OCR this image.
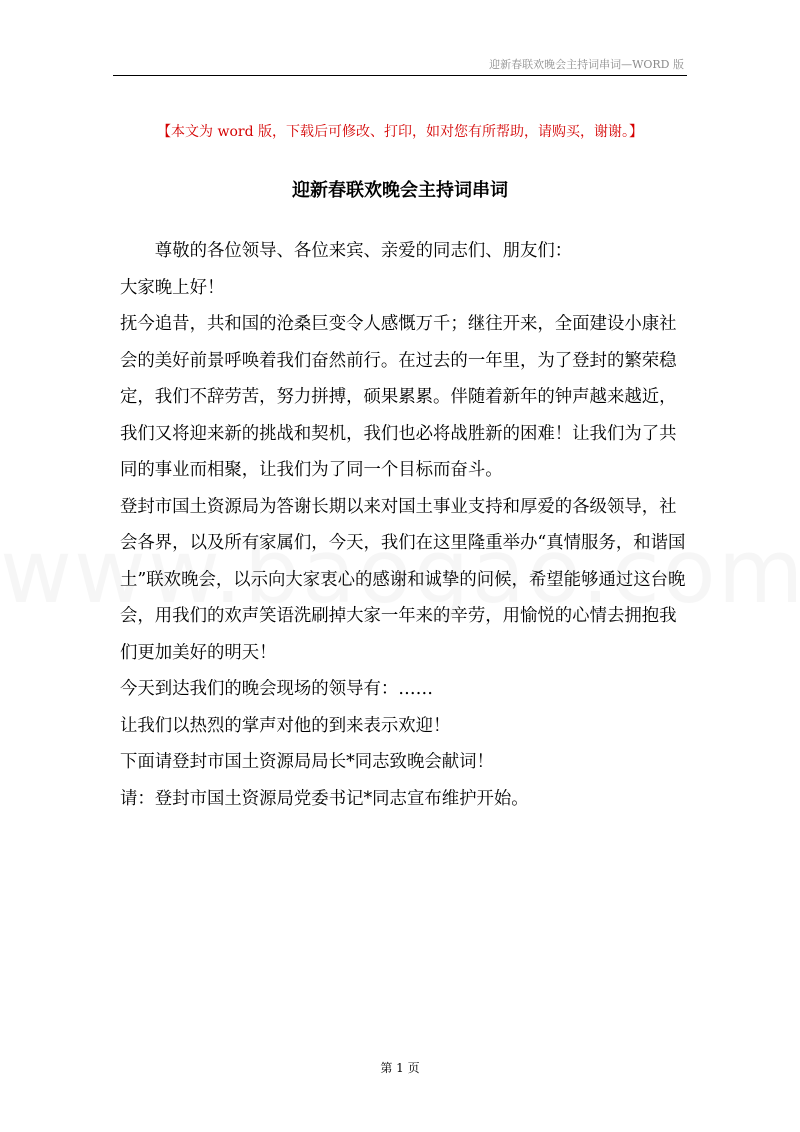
迎新春联欢晚会主持词串词—WORD 版
【本文为 word 版，下载后可修改、打印，如对您有所帮助，请购买，谢谢。】
迎新春联欢晚会主持词串词

尊敬的各位领导、各位来宾、亲爱的同志们、朋友们：

大家晚上好！

抚今追昔，共和国的沧桑巨变令人感慨万千；继往开来，全面建设小康社会的美好前景呼唤着我们奋然前行。在过去的一年里，为了登封的繁荣稳定，我们不辞劳苦，努力拼搏，硕果累累。伴随着新年的钟声越来越近，我们又将迎来新的挑战和契机，我们也必将战胜新的困难！让我们为了共同的事业而相聚，让我们为了同一个目标而奋斗。

登封市国土资源局为答谢长期以来对国土事业支持和厚爱的各级领导，社会各界，以及所有家属们，今天，我们在这里隆重举办“真情服务，和谐国土”联欢晚会，以示向大家衷心的感谢和诚挚的问候，希望能够通过这台晚会，用我们的欢声笑语洗刷掉大家一年来的辛劳，用愉悦的心情去拥抱我们更加美好的明天！

今天到达我们的晚会现场的领导有：……

让我们以热烈的掌声对他的到来表示欢迎！

下面请登封市国土资源局局长*同志致晚会献词！

请：登封市国土资源局党委书记*同志宣布维护开始。

第 1 页
